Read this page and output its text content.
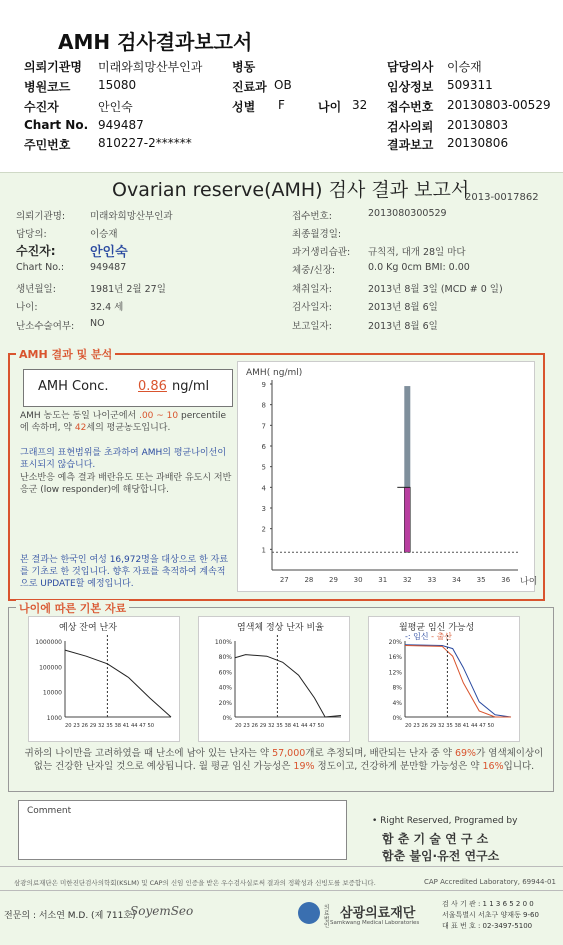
AMH 검사결과보고서
의뢰기관명 미래와희망산부인과 병동	담당의사 이승재
병원코드 15080	진료과 OB	임상정보 509311
수진자	안인숙	성별 F	나이 32 접수번호 20130803-00529
Chart No. 949487	검사의뢰 20130803
주민번호 810227-2******	결과보고 20130806
Ovarian reserve(AMH) 검사 결과 보고서
2013-0017862
의뢰기관명:	미래와희망산부인과
담당의:	이승재
수진자:	안인숙
Chart No.:	949487
생년월일:	1981년 2월 27일
나이:	32.4 세
난소수술여부: NO
접수번호:	201308030​0529
최종월경일:
과거생리습관: 규칙적, 대개 28일 마다
체중/신장:	0.0 Kg 0cm BMI: 0.00
채취일자:	2013년 8월 3일 (MCD # 0 일)
검사일자:	2013년 8월 6일
보고일자:	2013년 8월 6일
AMH 결과 및 분석
AMH Conc. 0.86 ng/ml
AMH 농도는 동일 나이군에서 .00 ~ 10 percentile에 속하며, 약 42세의 평균농도입니다.
그래프의 표현범위를 초과하여 AMH의 평균나이선이 표시되지 않습니다.
난소반응 예측 결과 배란유도 또는 과배란 유도시 저반응군 (low responder)에 해당합니다.
본 결과는 한국인 여성 16,972명을 대상으로 한 자료를 기초로 한 것입니다. 향후 자료를 축적하여 계속적으로 UPDATE할 예정입니다.
AMH( ng/ml)
1
2
3
4
5
6
7
8
9
27 28 29 30 31 32 33 34 35 36 나이
나이에 따른 기본 자료
예상 잔여 난자
1000000
100000
10000
1000
20 23 26 29 32 35 38 41 44 47 50
염색체 정상 난자 비율
100%
80%
60%
40%
20%
0%
20 23 26 29 32 35 38 41 44 47 50
월평균 임신 가능성
-: 임신 - 출산
20%
16%
12%
8%
4%
0%
20 23 26 29 32 35 38 41 44 47 50
귀하의 나이만을 고려하였을 때 난소에 남아 있는 난자는 약 57,000개로 추정되며, 배란되는 난자 중 약 69%가 염색체이상이 없는 건강한 난자일 것으로 예상됩니다. 월 평균 임신 가능성은 19% 정도이고, 건강하게 분만할 가능성은 약 16%입니다.
Comment
• Right Reserved, Programed by
함 춘 기 술 연 구 소
함춘 불임·유전 연구소
삼광의료재단은 미한진단검사의학회(KSLM) 및 CAP의 신임 인증을 받은 우수검사실로써 결과의 정확성과 신빙도를 보증합니다.	CAP Accredited Laboratory, 69944-01
전문의 : 서소연 M.D. (제 711호)
SoyemSeo	의료 법인
삼광의료재단
Samkwang Medical Laboratories
검 사 기 관 : 1 1 3 6 5 2 0 0
서울특별시 서초구 양재동 9-60
대 표 번 호 : 02-3497-5100
